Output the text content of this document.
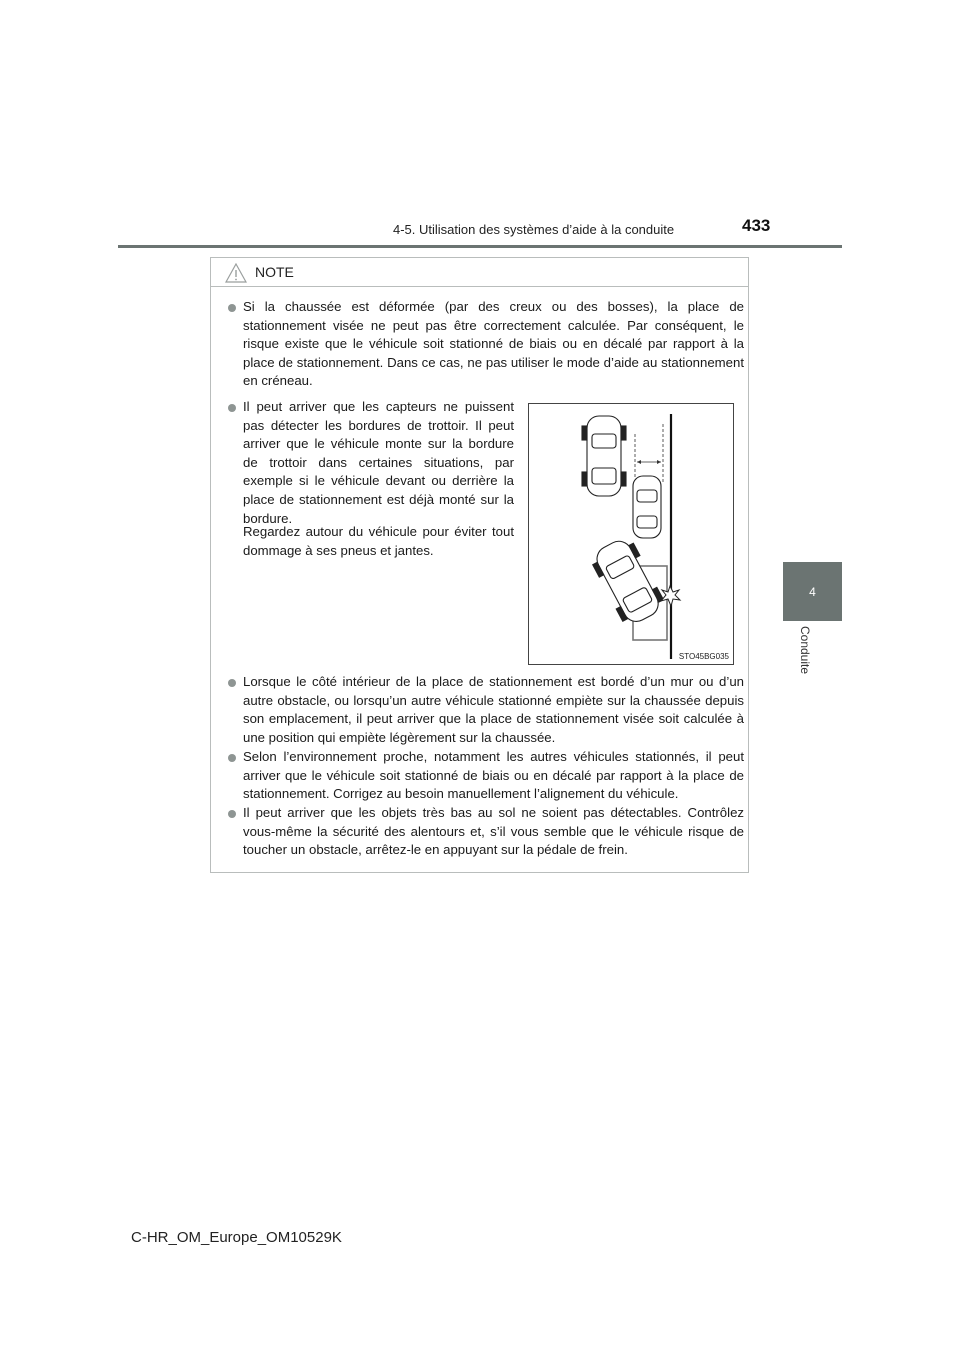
4-5. Utilisation des systèmes d’aide à la conduite	433
4
Conduite
NOTE
Si la chaussée est déformée (par des creux ou des bosses), la place de stationnement visée ne peut pas être correctement calculée. Par conséquent, le risque existe que le véhicule soit stationné de biais ou en décalé par rapport à la place de stationnement. Dans ce cas, ne pas utiliser le mode d’aide au stationnement en créneau.
Il peut arriver que les capteurs ne puissent pas détecter les bordures de trottoir. Il peut arriver que le véhicule monte sur la bordure de trottoir dans certaines situations, par exemple si le véhicule devant ou derrière la place de stationnement est déjà monté sur la bordure.
Regardez autour du véhicule pour éviter tout dommage à ses pneus et jantes.
STO45BG035
Lorsque le côté intérieur de la place de stationnement est bordé d’un mur ou d’un autre obstacle, ou lorsqu’un autre véhicule stationné empiète sur la chaussée depuis son emplacement, il peut arriver que la place de stationnement visée soit calculée à une position qui empiète légèrement sur la chaussée.
Selon l’environnement proche, notamment les autres véhicules stationnés, il peut arriver que le véhicule soit stationné de biais ou en décalé par rapport à la place de stationnement. Corrigez au besoin manuellement l’alignement du véhicule.
Il peut arriver que les objets très bas au sol ne soient pas détectables. Contrôlez vous-même la sécurité des alentours et, s’il vous semble que le véhicule risque de toucher un obstacle, arrêtez-le en appuyant sur la pédale de frein.
C-HR_OM_Europe_OM10529K
